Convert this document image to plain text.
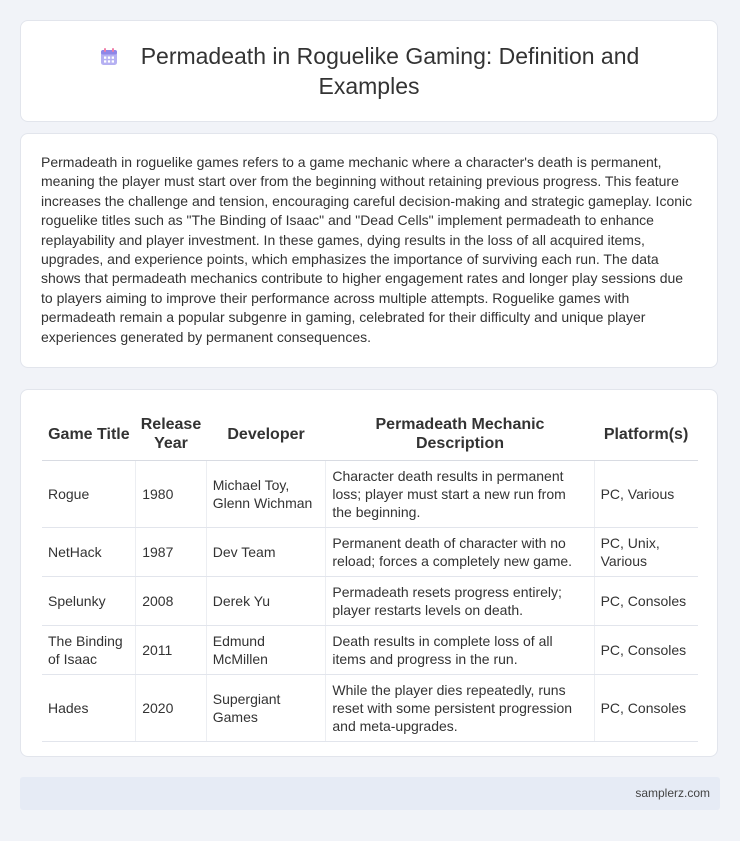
Permadeath in Roguelike Gaming: Definition and Examples

Permadeath in roguelike games refers to a game mechanic where a character's death is permanent, meaning the player must start over from the beginning without retaining previous progress. This feature increases the challenge and tension, encouraging careful decision-making and strategic gameplay. Iconic roguelike titles such as "The Binding of Isaac" and "Dead Cells" implement permadeath to enhance replayability and player investment. In these games, dying results in the loss of all acquired items, upgrades, and experience points, which emphasizes the importance of surviving each run. The data shows that permadeath mechanics contribute to higher engagement rates and longer play sessions due to players aiming to improve their performance across multiple attempts. Roguelike games with permadeath remain a popular subgenre in gaming, celebrated for their difficulty and unique player experiences generated by permanent consequences.

Game Title	Release Year	Developer	Permadeath Mechanic Description	Platform(s)
Rogue	1980	Michael Toy, Glenn Wichman	Character death results in permanent loss; player must start a new run from the beginning.	PC, Various
NetHack	1987	Dev Team	Permanent death of character with no reload; forces a completely new game.	PC, Unix, Various
Spelunky	2008	Derek Yu	Permadeath resets progress entirely; player restarts levels on death.	PC, Consoles
The Binding of Isaac	2011	Edmund McMillen	Death results in complete loss of all items and progress in the run.	PC, Consoles
Hades	2020	Supergiant Games	While the player dies repeatedly, runs reset with some persistent progression and meta-upgrades.	PC, Consoles
samplerz.com
